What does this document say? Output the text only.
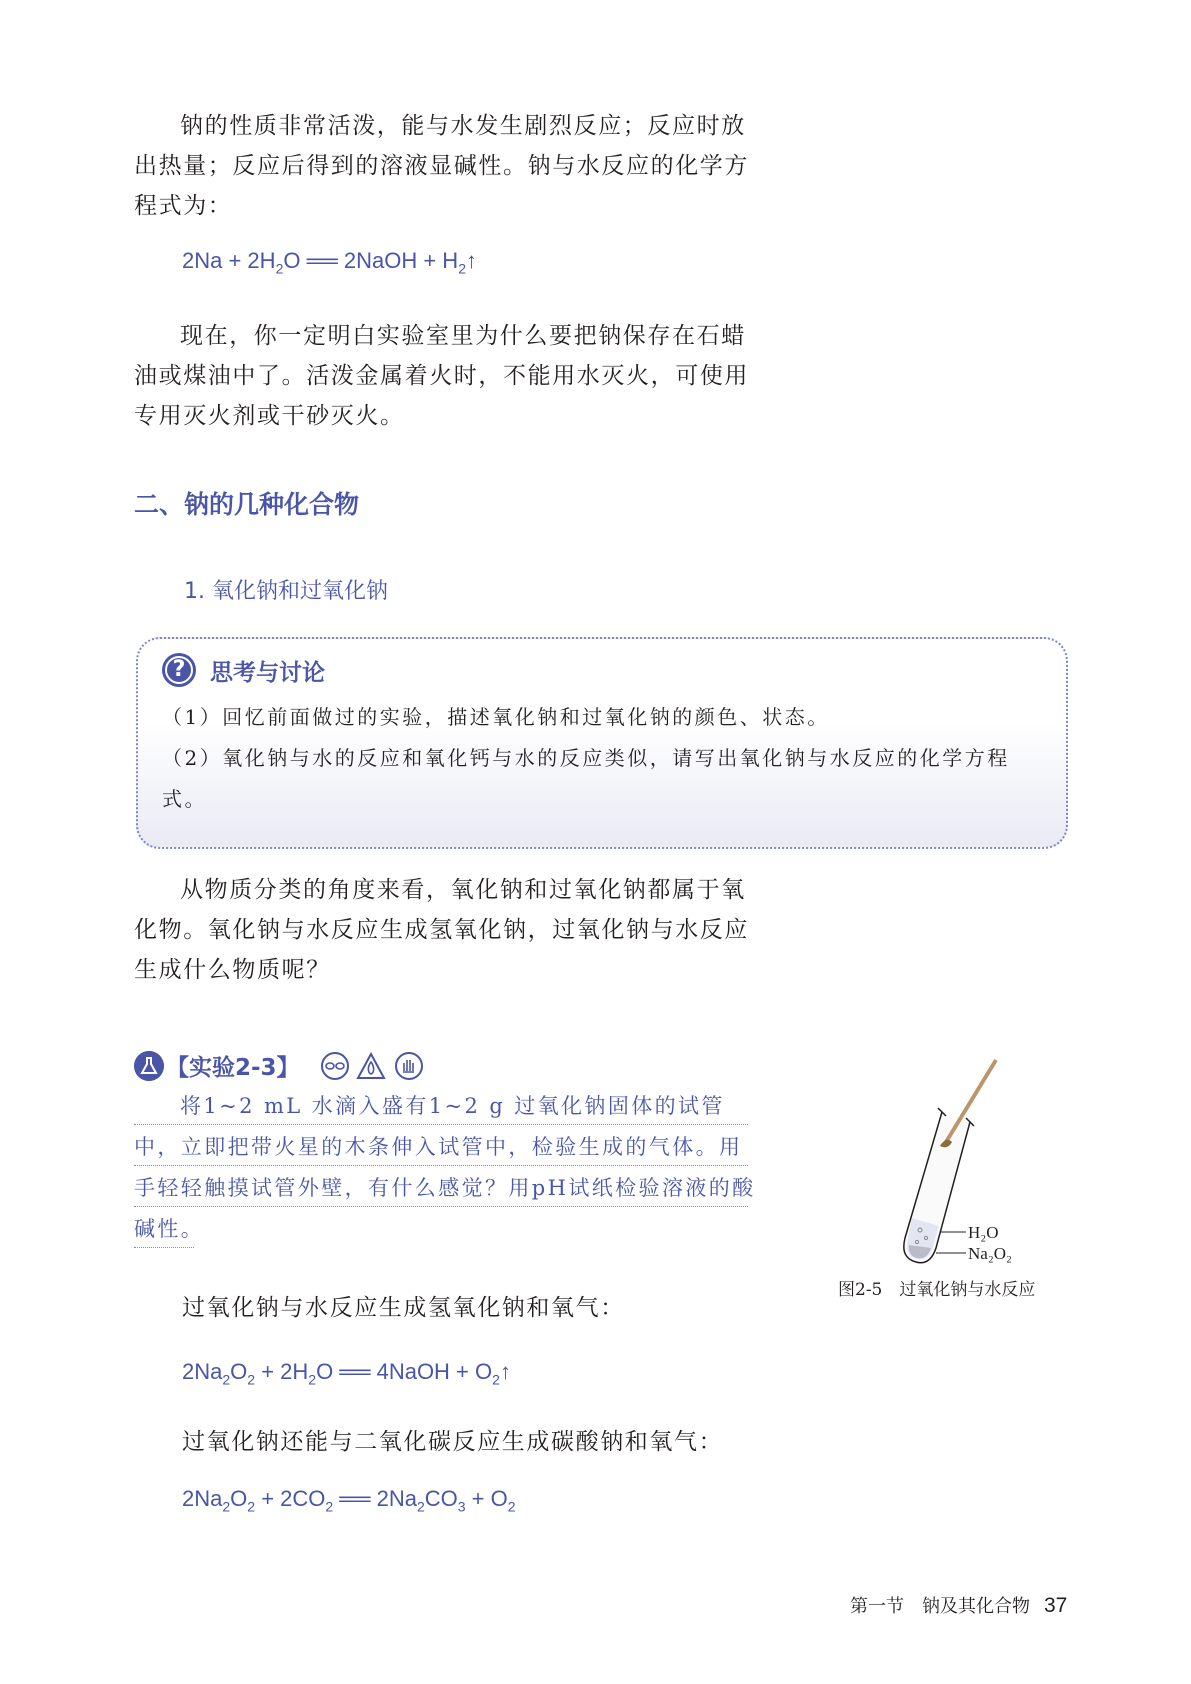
钠的性质非常活泼，能与水发生剧烈反应；反应时放出热量；反应后得到的溶液显碱性。钠与水反应的化学方程式为：

$2Na + 2H_2O$ ══ 2NaOH + $H_2↑$

现在，你一定明白实验室里为什么要把钠保存在石蜡油或煤油中了。活泼金属着火时，不能用水灭火，可使用专用灭火剂或干砂灭火。

二、钠的几种化合物
1. 氧化钠和过氧化钠
?	思考与讨论

（1）回忆前面做过的实验，描述氧化钠和过氧化钠的颜色、状态。

（2）氧化钠与水的反应和氧化钙与水的反应类似，请写出氧化钠与水反应的化学方程式。

从物质分类的角度来看，氧化钠和过氧化钠都属于氧化物。氧化钠与水反应生成氢氧化钠，过氧化钠与水反应生成什么物质呢？

【实验2-3】

将1~2 mL 水滴入盛有1~2 g 过氧化钠固体的试管中，立即把带火星的木条伸入试管中，检验生成的气体。用手轻轻触摸试管外壁，有什么感觉？用pH试纸检验溶液的酸碱性。	H₂O
Na₂O₂
图2-5　过氧化钠与水反应

过氧化钠与水反应生成氢氧化钠和氧气：

$2Na_2O_2 + 2H_2O$ ══ 4NaOH + $O_2↑$

过氧化钠还能与二氧化碳反应生成碳酸钠和氧气：

$2Na_2O_2 + 2CO_2$ ══ $2Na_2CO_3 + O_2$
第一节　钠及其化合物 37
